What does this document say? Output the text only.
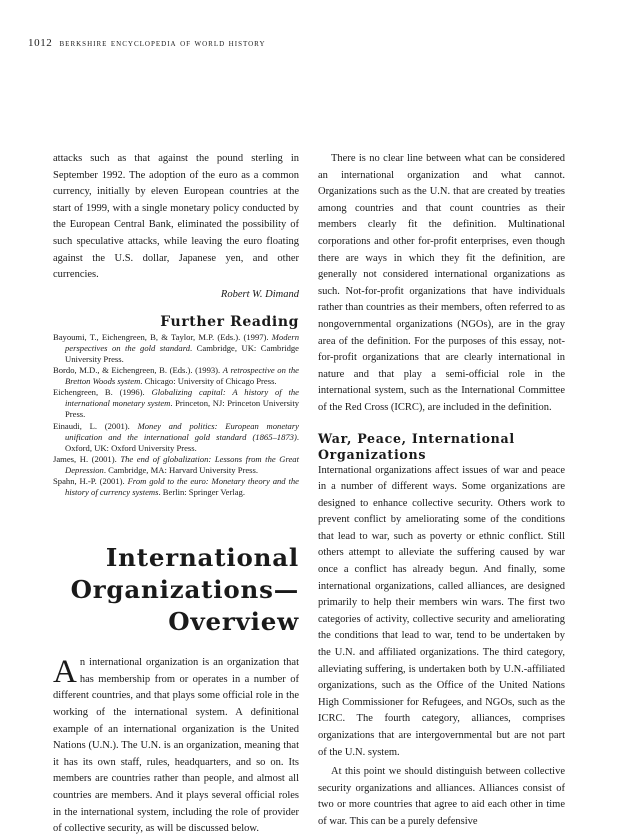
1012 berkshire encyclopedia of world history

attacks such as that against the pound sterling in September 1992. The adoption of the euro as a common currency, initially by eleven European countries at the start of 1999, with a single monetary policy conducted by the European Central Bank, eliminated the possibility of such speculative attacks, while leaving the euro floating against the U.S. dollar, Japanese yen, and other currencies.

Robert W. Dimand
Further Reading

Bayoumi, T., Eichengreen, B, & Taylor, M.P. (Eds.). (1997). Modern perspectives on the gold standard. Cambridge, UK: Cambridge University Press.

Bordo, M.D., & Eichengreen, B. (Eds.). (1993). A retrospective on the Bretton Woods system. Chicago: University of Chicago Press.

Eichengreen, B. (1996). Globalizing capital: A history of the international monetary system. Princeton, NJ: Princeton University Press.

Einaudi, L. (2001). Money and politics: European monetary unification and the international gold standard (1865–1873). Oxford, UK: Oxford University Press.

James, H. (2001). The end of globalization: Lessons from the Great Depression. Cambridge, MA: Harvard University Press.

Spahn, H.-P. (2001). From gold to the euro: Monetary theory and the history of currency systems. Berlin: Springer Verlag.

International
Organizations—
Overview

An international organization is an organization that has membership from or operates in a number of different countries, and that plays some official role in the working of the international system. A definitional example of an international organization is the United Nations (U.N.). The U.N. is an organization, meaning that it has its own staff, rules, headquarters, and so on. Its members are countries rather than people, and almost all countries are members. And it plays several official roles in the international system, including the role of provider of collective security, as will be discussed below.

There is no clear line between what can be considered an international organization and what cannot. Organizations such as the U.N. that are created by treaties among countries and that count countries as their members clearly fit the definition. Multinational corporations and other for-profit enterprises, even though there are ways in which they fit the definition, are generally not considered international organizations as such. Not-for-profit organizations that have individuals rather than countries as their members, often referred to as nongovernmental organizations (NGOs), are in the gray area of the definition. For the purposes of this essay, not-for-profit organizations that are clearly international in nature and that play a semi-official role in the international system, such as the International Committee of the Red Cross (ICRC), are included in the definition.

War, Peace, International Organizations

International organizations affect issues of war and peace in a number of different ways. Some organizations are designed to enhance collective security. Others work to prevent conflict by ameliorating some of the conditions that lead to war, such as poverty or ethnic conflict. Still others attempt to alleviate the suffering caused by war once a conflict has already begun. And finally, some international organizations, called alliances, are designed primarily to help their members win wars. The first two categories of activity, collective security and ameliorating the conditions that lead to war, tend to be undertaken by the U.N. and affiliated organizations. The third category, alleviating suffering, is undertaken both by U.N.-affiliated organizations, such as the Office of the United Nations High Commissioner for Refugees, and NGOs, such as the ICRC. The fourth category, alliances, comprises organizations that are intergovernmental but are not part of the U.N. system.

At this point we should distinguish between collective security organizations and alliances. Alliances consist of two or more countries that agree to aid each other in time of war. This can be a purely defensive
